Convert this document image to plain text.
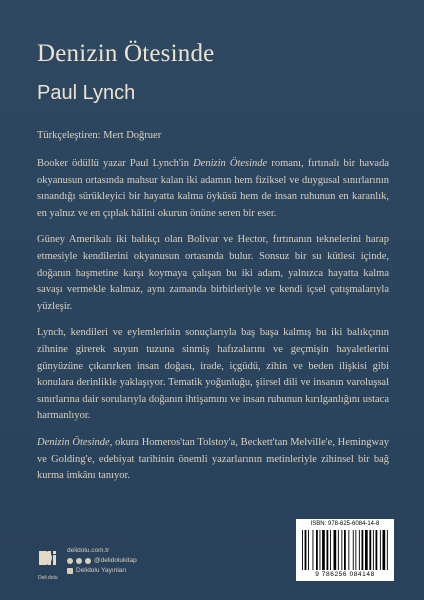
Denizin Ötesinde
Paul Lynch
Türkçeleştiren: Mert Doğruer

Booker ödüllü yazar Paul Lynch'in Denizin Ötesinde romanı, fırtınalı bir havada okyanusun ortasında mahsur kalan iki adamın hem fiziksel ve duygusal sınırlarının sınandığı sürükleyici bir hayatta kalma öyküsü hem de insan ruhunun en karanlık, en yalnız ve en çıplak hâlini okurun önüne seren bir eser.

Güney Amerikalı iki balıkçı olan Bolivar ve Hector, fırtınanın teknelerini harap etmesiyle kendilerini okyanusun ortasında bulur. Sonsuz bir su kütlesi içinde, doğanın haşmetine karşı koymaya çalışan bu iki adam, yalnızca hayatta kalma savaşı vermekle kalmaz, aynı zamanda birbirleriyle ve kendi içsel çatışmalarıyla yüzleşir.

Lynch, kendileri ve eylemlerinin sonuçlarıyla baş başa kalmış bu iki balıkçının zihnine girerek suyun tuzuna sinmiş hafızalarını ve geçmişin hayaletlerini günyüzüne çıkarırken insan doğası, irade, içgüdü, zihin ve beden ilişkisi gibi konulara derinlikle yaklaşıyor. Tematik yoğunluğu, şiirsel dili ve insanın varoluşsal sınırlarına dair sorularıyla doğanın ihtişamını ve insan ruhunun kırılganlığını ustaca harmanlıyor.

Denizin Ötesinde, okura Homeros'tan Tolstoy'a, Beckett'tan Melville'e, Hemingway ve Golding'e, edebiyat tarihinin önemli yazarlarının metinleriyle zihinsel bir bağ kurma imkânı tanıyor.

Deli dolu
delidolu.com.tr
@delidolukitap
Delidolu Yayınları
ISBN: 978-625-6084-14-8
9 786256 084148
